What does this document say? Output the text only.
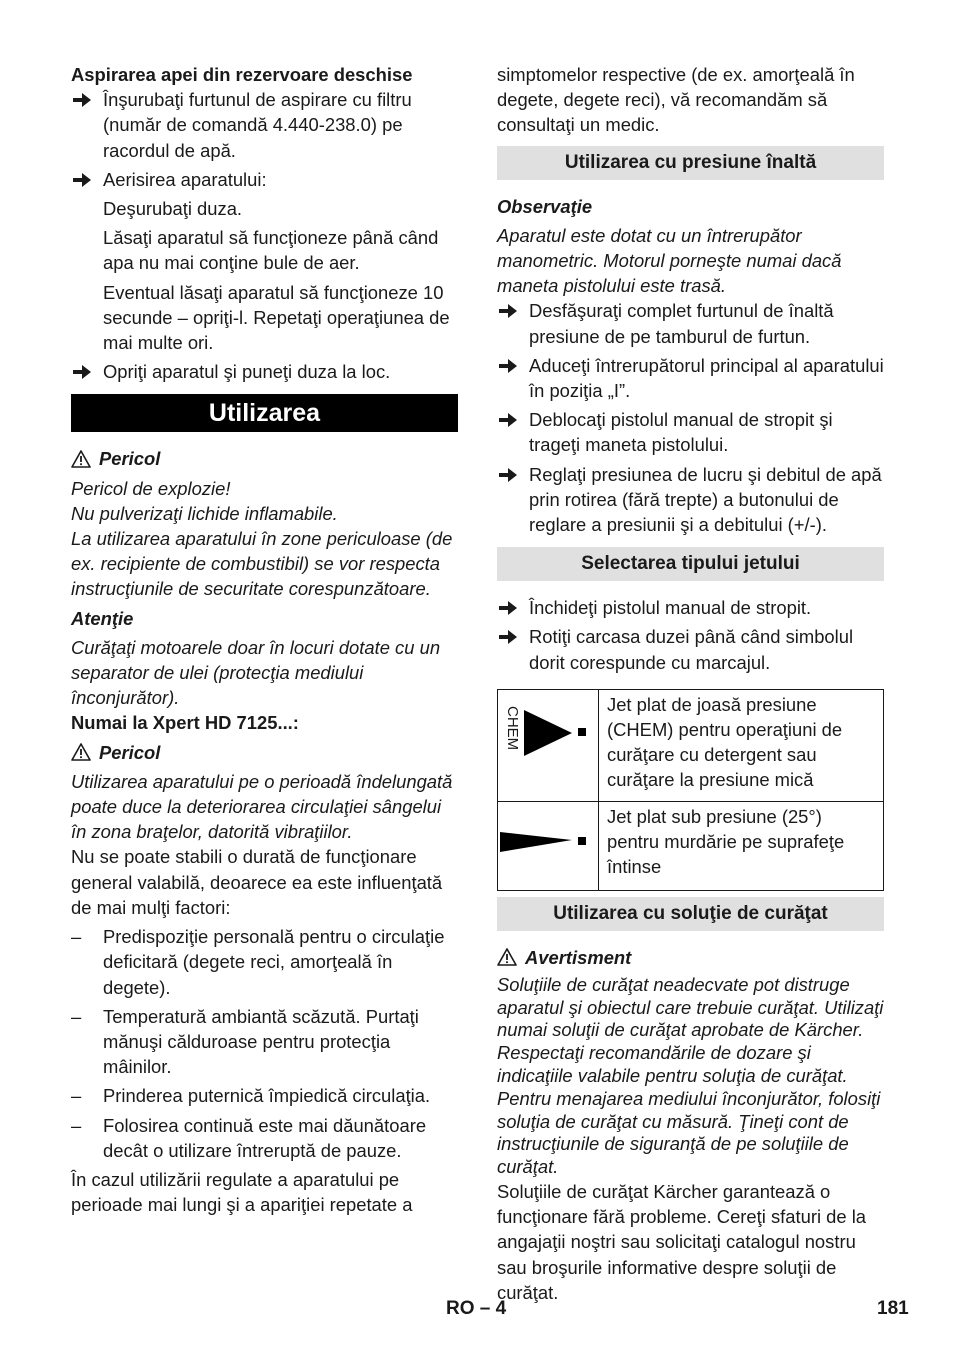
Aspirarea apei din rezervoare deschise

Înşurubaţi furtunul de aspirare cu filtru (număr de comandă 4.440-238.0) pe racordul de apă.

Aerisirea aparatului:

Deşurubaţi duza.

Lăsaţi aparatul să funcţioneze până când apa nu mai conţine bule de aer.

Eventual lăsaţi aparatul să funcţioneze 10 secunde – opriţi-l. Repetaţi operaţiunea de mai multe ori.

Opriţi aparatul şi puneţi duza la loc.

Utilizarea
Pericol

Pericol de explozie!

Nu pulverizaţi lichide inflamabile.

La utilizarea aparatului în zone periculoase (de ex. recipiente de combustibil) se vor respecta instrucţiunile de securitate corespunzătoare.

Atenţie

Curăţaţi motoarele doar în locuri dotate cu un separator de ulei (protecţia mediului înconjurător).

Numai la Xpert HD 7125...:

Pericol

Utilizarea aparatului pe o perioadă îndelungată poate duce la deteriorarea circulaţiei sângelui în zona braţelor, datorită vibraţiilor.

Nu se poate stabili o durată de funcţionare general valabilă, deoarece ea este influenţată de mai mulţi factori:

– Predispoziţie personală pentru o circulaţie deficitară (degete reci, amorţeală în degete).

– Temperatură ambiantă scăzută. Purtaţi mănuşi călduroase pentru protecţia mâinilor.

– Prinderea puternică împiedică circulaţia.

– Folosirea continuă este mai dăunătoare decât o utilizare întreruptă de pauze.

În cazul utilizării regulate a aparatului pe perioade mai lungi şi a apariţiei repetate a

simptomelor respective (de ex. amorţeală în degete, degete reci), vă recomandăm să consultaţi un medic.

Utilizarea cu presiune înaltă

Observaţie

Aparatul este dotat cu un întrerupător manometric. Motorul porneşte numai dacă maneta pistolului este trasă.

Desfăşuraţi complet furtunul de înaltă presiune de pe tamburul de furtun.

Aduceţi întrerupătorul principal al aparatului în poziţia „I”.

Deblocaţi pistolul manual de stropit şi trageţi maneta pistolului.

Reglaţi presiunea de lucru şi debitul de apă prin rotirea (fără trepte) a butonului de reglare a presiunii şi a debitului (+/-).

Selectarea tipului jetului

Închideţi pistolul manual de stropit.

Rotiţi carcasa duzei până când simbolul dorit corespunde cu marcajul.

CHEM	Jet plat de joasă presiune (CHEM) pentru operaţiuni de curăţare cu detergent sau curăţare la presiune mică

	Jet plat sub presiune (25°) pentru murdărie pe suprafeţe întinse
Utilizarea cu soluţie de curăţat
Avertisment

Soluţiile de curăţat neadecvate pot distruge aparatul şi obiectul care trebuie curăţat. Utilizaţi numai soluţii de curăţat aprobate de Kärcher. Respectaţi recomandările de dozare şi indicaţiile valabile pentru soluţia de curăţat. Pentru menajarea mediului înconjurător, folosiţi soluţia de curăţat cu măsură. Ţineţi cont de instrucţiunile de siguranţă de pe soluţiile de curăţat.

Soluţiile de curăţat Kärcher garantează o funcţionare fără probleme. Cereţi sfaturi de la angajaţii noştri sau solicitaţi catalogul nostru sau broşurile informative despre soluţii de curăţat.

RO – 4	181
